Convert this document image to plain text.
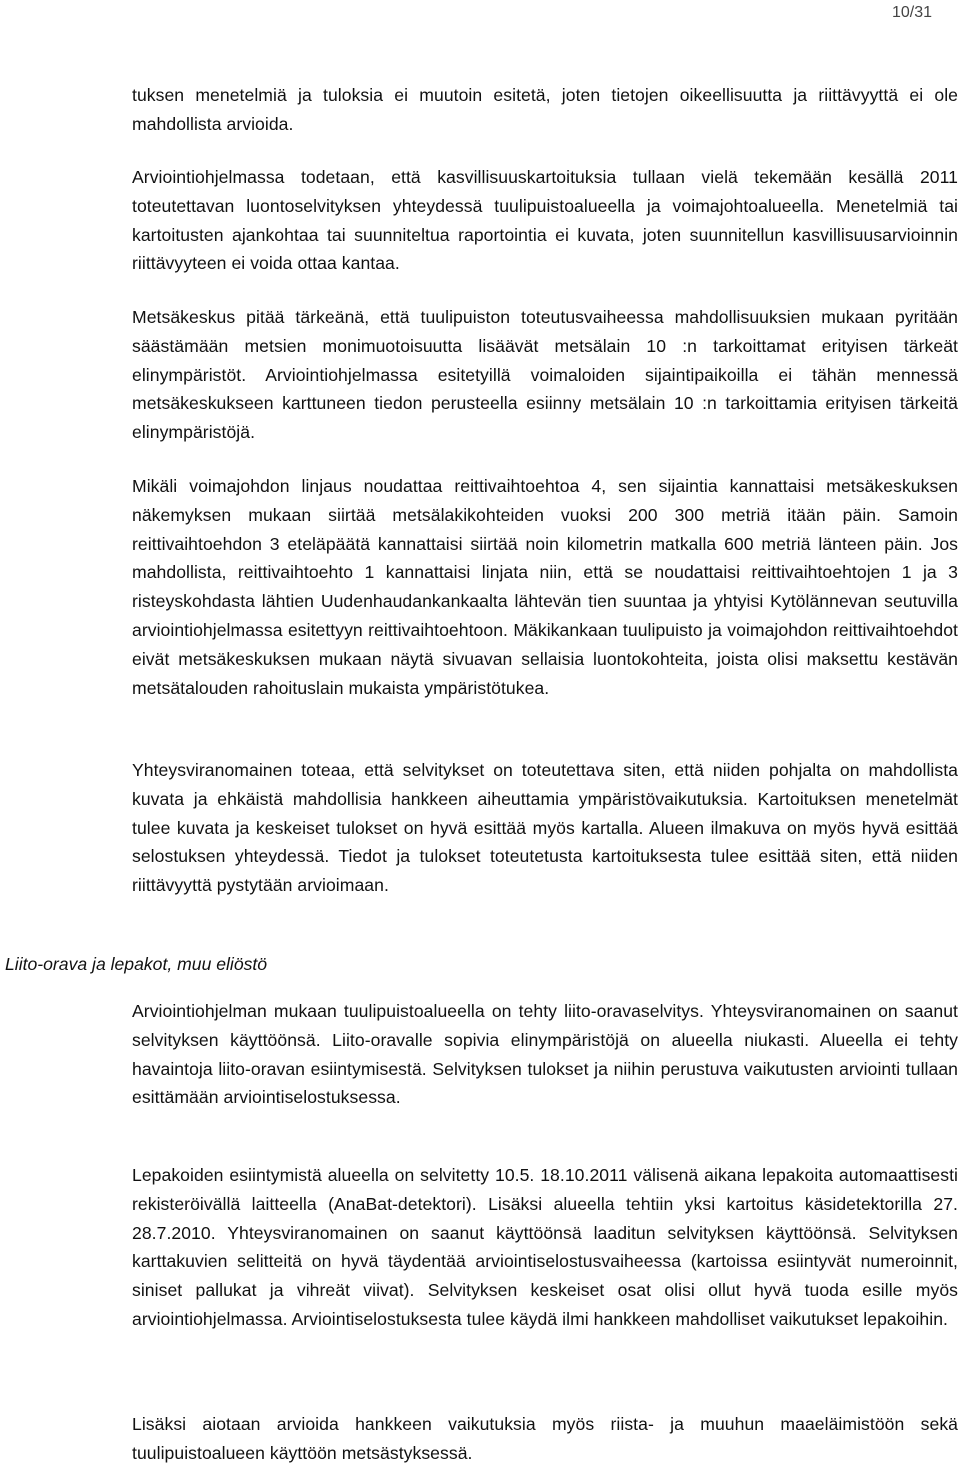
10/31

tuksen menetelmiä ja tuloksia ei muutoin esitetä, joten tietojen oikeellisuutta ja riittävyyttä ei ole mahdollista arvioida.

Arviointiohjelmassa todetaan, että kasvillisuuskartoituksia tullaan vielä tekemään kesällä 2011 toteutettavan luontoselvityksen yhteydessä tuulipuistoalueella ja voimajohtoalueella. Menetelmiä tai kartoitusten ajankohtaa tai suunniteltua raportointia ei kuvata, joten suunnitellun kasvillisuusarvioinnin riittävyyteen ei voida ottaa kantaa.

Metsäkeskus pitää tärkeänä, että tuulipuiston toteutusvaiheessa mahdollisuuksien mukaan pyritään säästämään metsien monimuotoisuutta lisäävät metsälain 10 :n tarkoittamat erityisen tärkeät elinympäristöt. Arviointiohjelmassa esitetyillä voimaloiden sijaintipaikoilla ei tähän mennessä metsäkeskukseen karttuneen tiedon perusteella esiinny metsälain 10 :n tarkoittamia erityisen tärkeitä elinympäristöjä.

Mikäli voimajohdon linjaus noudattaa reittivaihtoehtoa 4, sen sijaintia kannattaisi metsäkeskuksen näkemyksen mukaan siirtää metsälakikohteiden vuoksi 200 300 metriä itään päin. Samoin reittivaihtoehdon 3 eteläpäätä kannattaisi siirtää noin kilometrin matkalla 600 metriä länteen päin. Jos mahdollista, reittivaihtoehto 1 kannattaisi linjata niin, että se noudattaisi reittivaihtoehtojen 1 ja 3 risteyskohdasta lähtien Uudenhaudankankaalta lähtevän tien suuntaa ja yhtyisi Kytölännevan seutuvilla arviointiohjelmassa esitettyyn reittivaihtoehtoon. Mäkikankaan tuulipuisto ja voimajohdon reittivaihtoehdot eivät metsäkeskuksen mukaan näytä sivuavan sellaisia luontokohteita, joista olisi maksettu kestävän metsätalouden rahoituslain mukaista ympäristötukea.

Yhteysviranomainen toteaa, että selvitykset on toteutettava siten, että niiden pohjalta on mahdollista kuvata ja ehkäistä mahdollisia hankkeen aiheuttamia ympäristövaikutuksia. Kartoituksen menetelmät tulee kuvata ja keskeiset tulokset on hyvä esittää myös kartalla. Alueen ilmakuva on myös hyvä esittää selostuksen yhteydessä. Tiedot ja tulokset toteutetusta kartoituksesta tulee esittää siten, että niiden riittävyyttä pystytään arvioimaan.

Liito-orava ja lepakot, muu eliöstö

Arviointiohjelman mukaan tuulipuistoalueella on tehty liito-oravaselvitys. Yhteysviranomainen on saanut selvityksen käyttöönsä. Liito-oravalle sopivia elinympäristöjä on alueella niukasti. Alueella ei tehty havaintoja liito-oravan esiintymisestä. Selvityksen tulokset ja niihin perustuva vaikutusten arviointi tullaan esittämään arviointiselostuksessa.

Lepakoiden esiintymistä alueella on selvitetty 10.5. 18.10.2011 välisenä aikana lepakoita automaattisesti rekisteröivällä laitteella (AnaBat-detektori). Lisäksi alueella tehtiin yksi kartoitus käsidetektorilla 27. 28.7.2010. Yhteysviranomainen on saanut käyttöönsä laaditun selvityksen käyttöönsä. Selvityksen karttakuvien selitteitä on hyvä täydentää arviointiselostusvaiheessa (kartoissa esiintyvät numeroinnit, siniset pallukat ja vihreät viivat). Selvityksen keskeiset osat olisi ollut hyvä tuoda esille myös arviointiohjelmassa. Arviointiselostuksesta tulee käydä ilmi hankkeen mahdolliset vaikutukset lepakoihin.

Lisäksi aiotaan arvioida hankkeen vaikutuksia myös riista- ja muuhun maaeläimistöön sekä tuulipuistoalueen käyttöön metsästyksessä.
